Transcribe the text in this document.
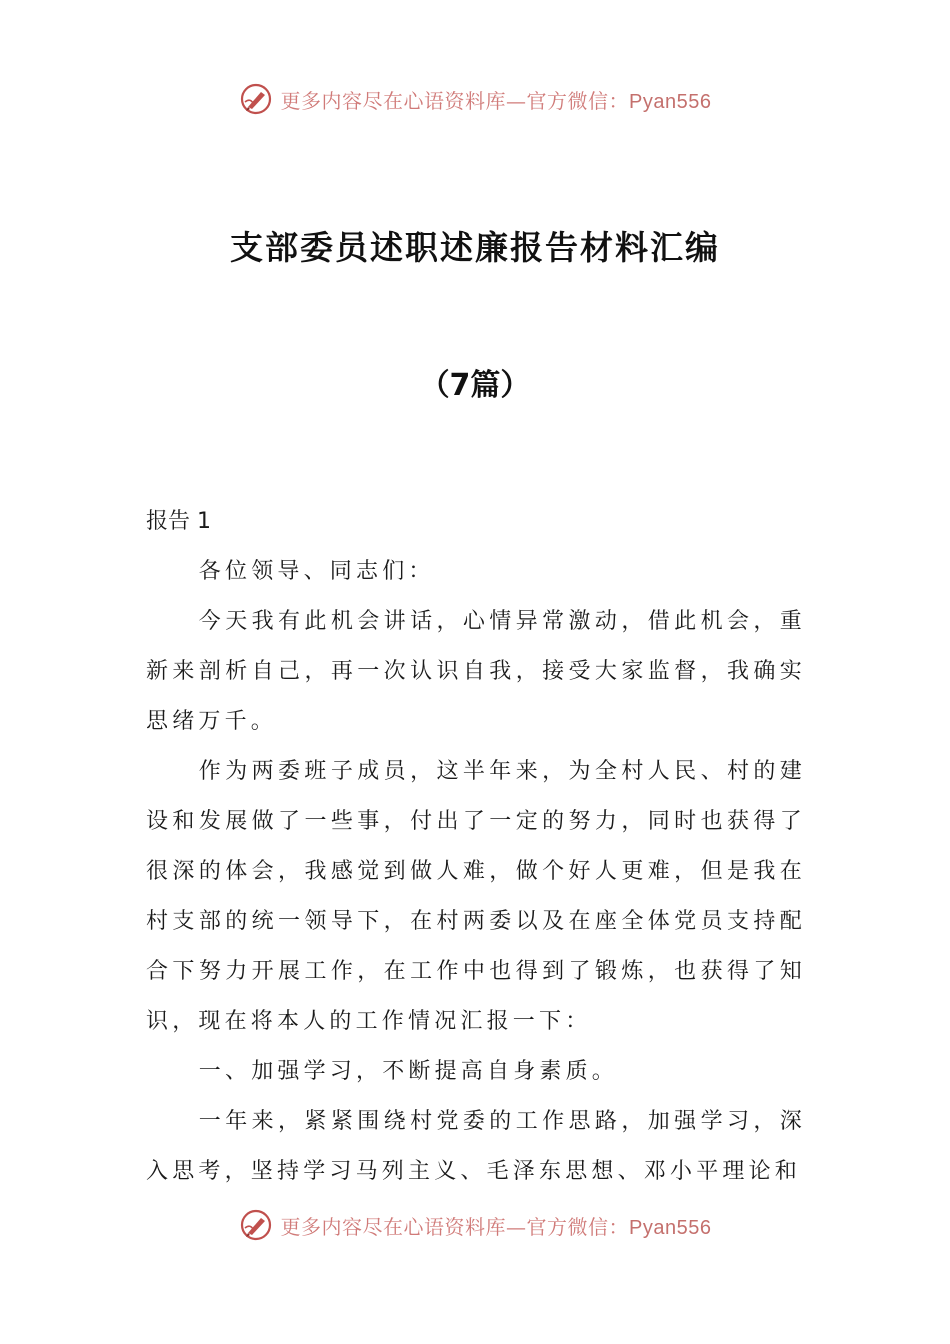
更多内容尽在心语资料库—官方微信：Pyan556
支部委员述职述廉报告材料汇编
（7篇）
报告 1

各位领导、同志们：

今天我有此机会讲话，心情异常激动，借此机会，重新来剖析自己，再一次认识自我，接受大家监督，我确实思绪万千。

作为两委班子成员，这半年来，为全村人民、村的建设和发展做了一些事，付出了一定的努力，同时也获得了很深的体会，我感觉到做人难，做个好人更难，但是我在村支部的统一领导下，在村两委以及在座全体党员支持配合下努力开展工作，在工作中也得到了锻炼，也获得了知识，现在将本人的工作情况汇报一下：

一、加强学习，不断提高自身素质。

一年来，紧紧围绕村党委的工作思路，加强学习，深入思考，坚持学习马列主义、毛泽东思想、邓小平理论和

更多内容尽在心语资料库—官方微信：Pyan556
